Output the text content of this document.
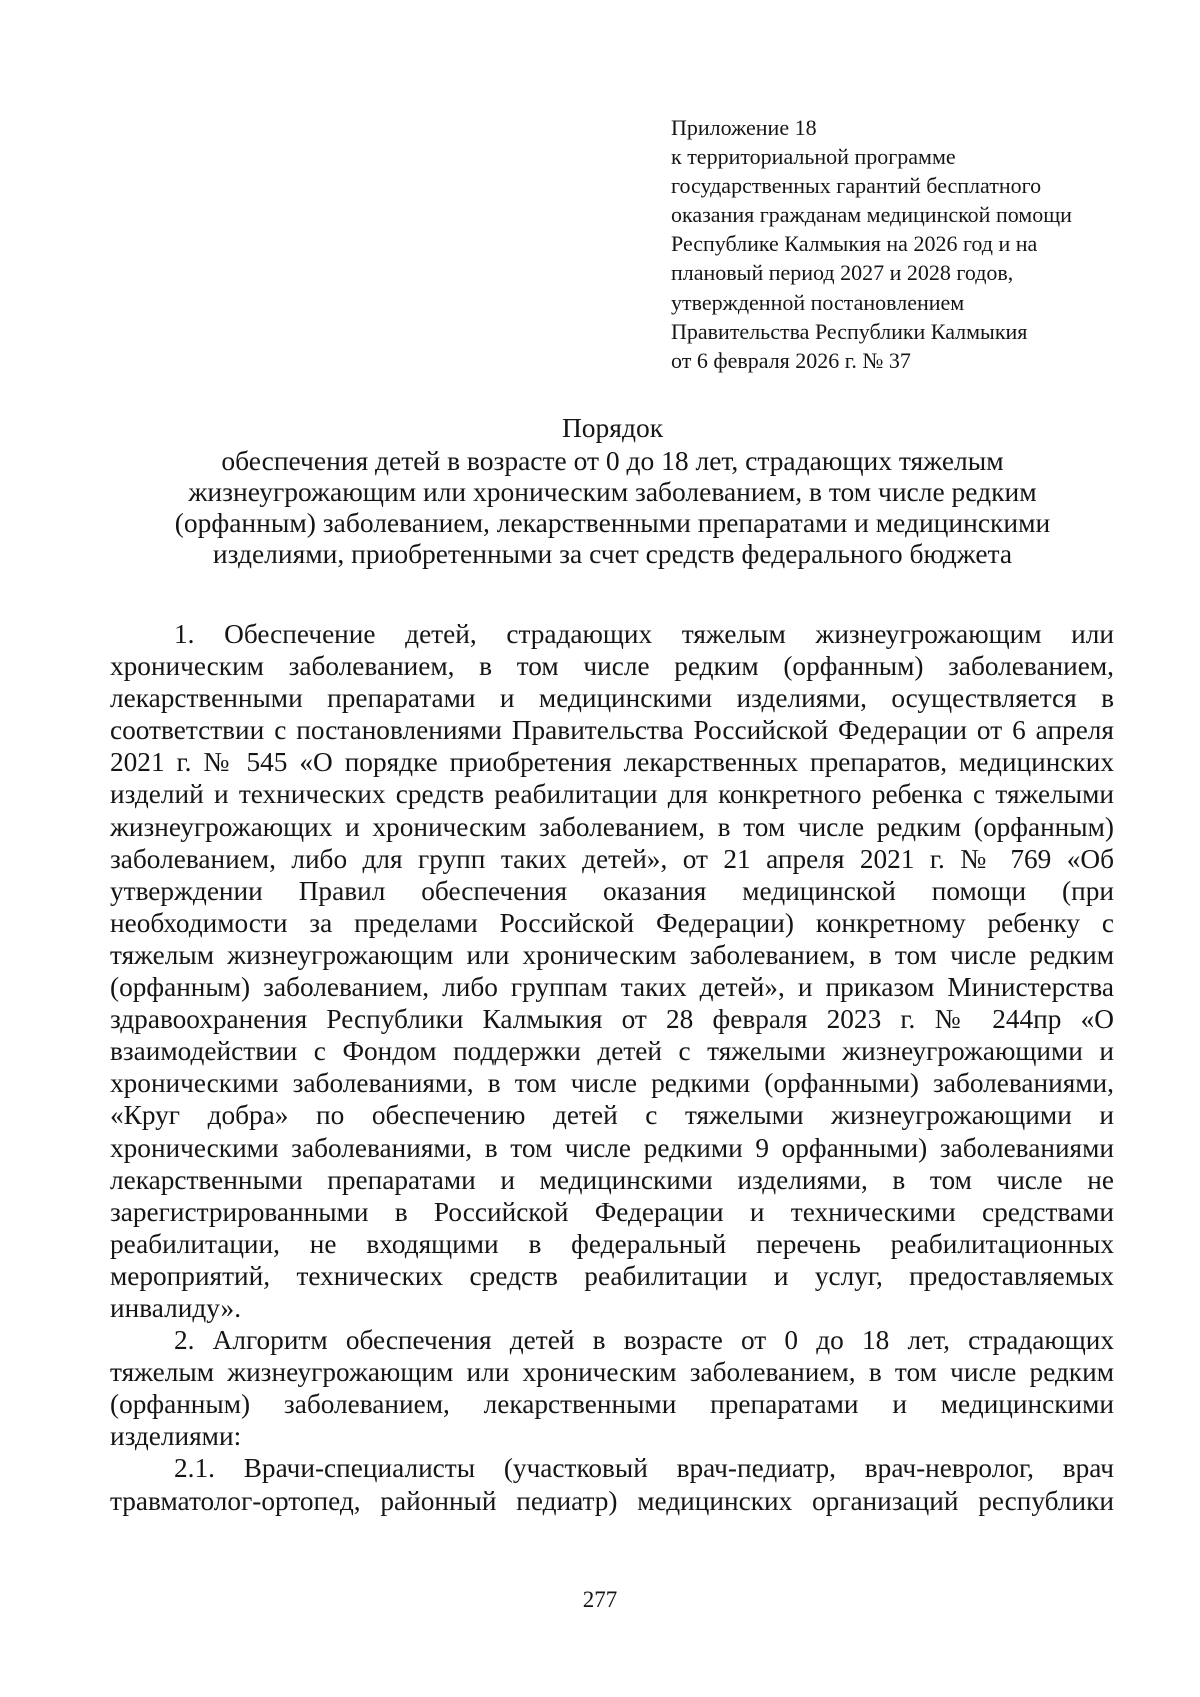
Приложение 18
к территориальной программе
государственных гарантий бесплатного
оказания гражданам медицинской помощи
Республике Калмыкия на 2026 год и на
плановый период 2027 и 2028 годов,
утвержденной постановлением
Правительства Республики Калмыкия
от 6 февраля 2026 г. № 37
Порядок
обеспечения детей в возрасте от 0 до 18 лет, страдающих тяжелым
жизнеугрожающим или хроническим заболеванием, в том числе редким
(орфанным) заболеванием, лекарственными препаратами и медицинскими
изделиями, приобретенными за счет средств федерального бюджета
1. Обеспечение детей, страдающих тяжелым жизнеугрожающим или
хроническим заболеванием, в том числе редким (орфанным) заболеванием,
лекарственными препаратами и медицинскими изделиями, осуществляется в
соответствии с постановлениями Правительства Российской Федерации от 6 апреля
2021 г. № 545 «О порядке приобретения лекарственных препаратов, медицинских
изделий и технических средств реабилитации для конкретного ребенка с тяжелыми
жизнеугрожающих и хроническим заболеванием, в том числе редким (орфанным)
заболеванием, либо для групп таких детей», от 21 апреля 2021 г. № 769 «Об
утверждении Правил обеспечения оказания медицинской помощи (при
необходимости за пределами Российской Федерации) конкретному ребенку с
тяжелым жизнеугрожающим или хроническим заболеванием, в том числе редким
(орфанным) заболеванием, либо группам таких детей», и приказом Министерства
здравоохранения Республики Калмыкия от 28 февраля 2023 г. № 244пр «О
взаимодействии с Фондом поддержки детей с тяжелыми жизнеугрожающими и
хроническими заболеваниями, в том числе редкими (орфанными) заболеваниями,
«Круг добра» по обеспечению детей с тяжелыми жизнеугрожающими и
хроническими заболеваниями, в том числе редкими 9 орфанными) заболеваниями
лекарственными препаратами и медицинскими изделиями, в том числе не
зарегистрированными в Российской Федерации и техническими средствами
реабилитации, не входящими в федеральный перечень реабилитационных
мероприятий, технических средств реабилитации и услуг, предоставляемых
инвалиду».
2. Алгоритм обеспечения детей в возрасте от 0 до 18 лет, страдающих
тяжелым жизнеугрожающим или хроническим заболеванием, в том числе редким
(орфанным) заболеванием, лекарственными препаратами и медицинскими
изделиями:
2.1. Врачи-специалисты (участковый врач-педиатр, врач-невролог, врач
травматолог-ортопед, районный педиатр) медицинских организаций республики
277
